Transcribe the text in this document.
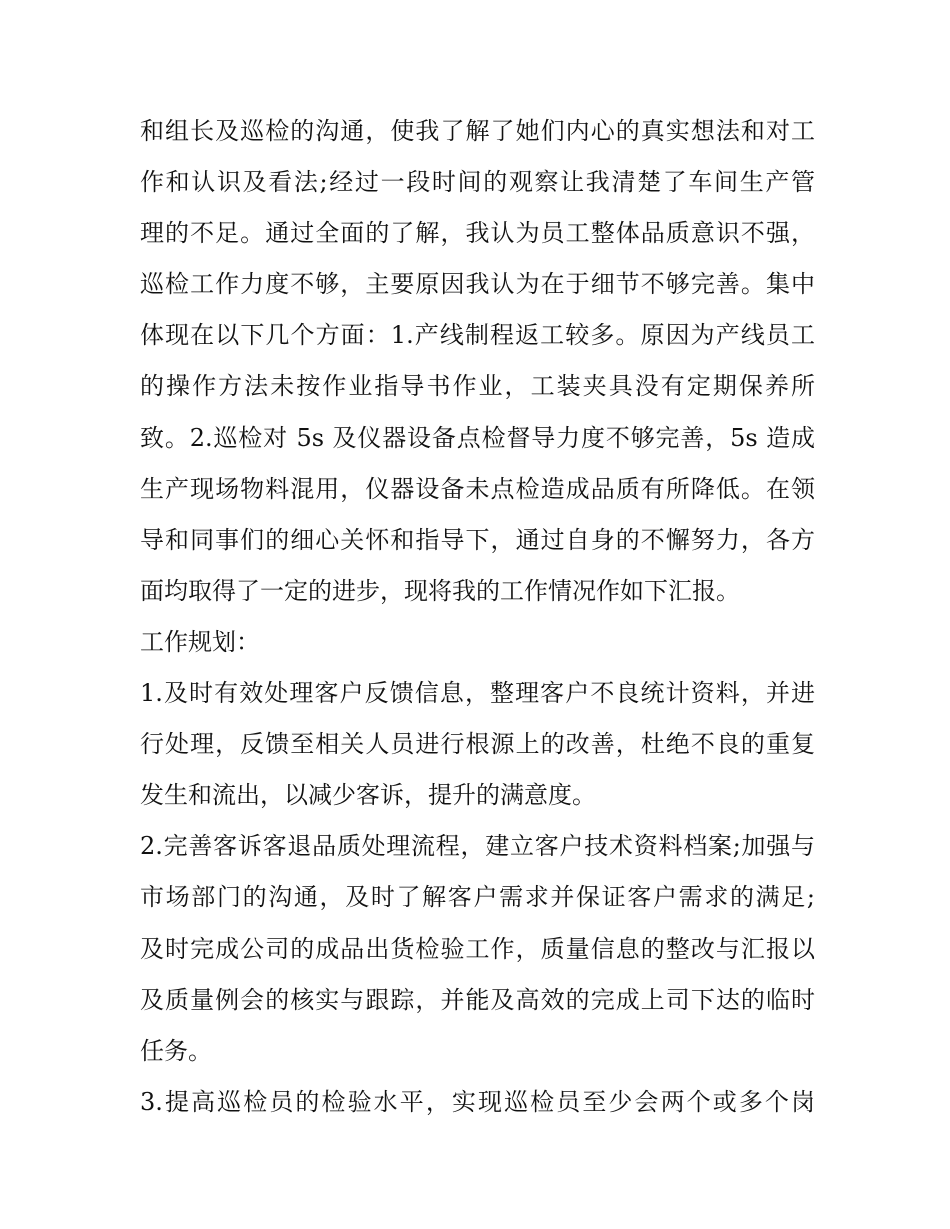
和组长及巡检的沟通，使我了解了她们内心的真实想法和对工
作和认识及看法;经过一段时间的观察让我清楚了车间生产管
理的不足。通过全面的了解，我认为员工整体品质意识不强，
巡检工作力度不够，主要原因我认为在于细节不够完善。集中
体现在以下几个方面：1.产线制程返工较多。原因为产线员工
的操作方法未按作业指导书作业，工装夹具没有定期保养所
致。2.巡检对 5s 及仪器设备点检督导力度不够完善，5s 造成
生产现场物料混用，仪器设备未点检造成品质有所降低。在领
导和同事们的细心关怀和指导下，通过自身的不懈努力，各方
面均取得了一定的进步，现将我的工作情况作如下汇报。
工作规划：
1.及时有效处理客户反馈信息，整理客户不良统计资料，并进
行处理，反馈至相关人员进行根源上的改善，杜绝不良的重复
发生和流出，以减少客诉，提升的满意度。
2.完善客诉客退品质处理流程，建立客户技术资料档案;加强与
市场部门的沟通，及时了解客户需求并保证客户需求的满足;
及时完成公司的成品出货检验工作，质量信息的整改与汇报以
及质量例会的核实与跟踪，并能及高效的完成上司下达的临时
任务。
3.提高巡检员的检验水平，实现巡检员至少会两个或多个岗
